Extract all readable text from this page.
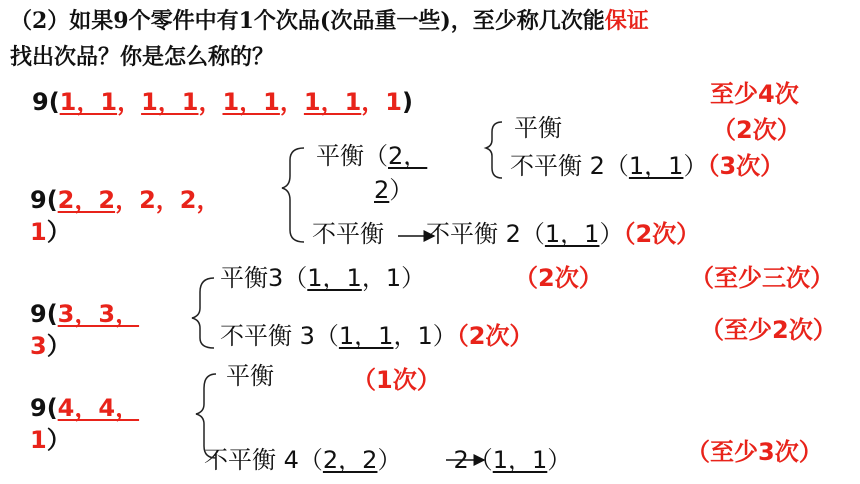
（2）如果9个零件中有1个次品(次品重一些)，至少称几次能保证
找出次品？你是怎么称的？
9(1，1，1，1，1，1，1，1，1)	至少4次
（2次）
9(2，2，2，2，
1）
平衡（2，
2）
平衡
不平衡 2（1，1）（3次）
不平衡 不平衡 2（1，1）（2次）
9(3，3，
3）
平衡3（1，1，1）	（2次）	（至少三次）
不平衡 3（1，1，1）（2次）	（至少2次）
9(4，4，
1）
平衡	（1次）
不平衡 4（2，2） 2（1，1）	（至少3次）
